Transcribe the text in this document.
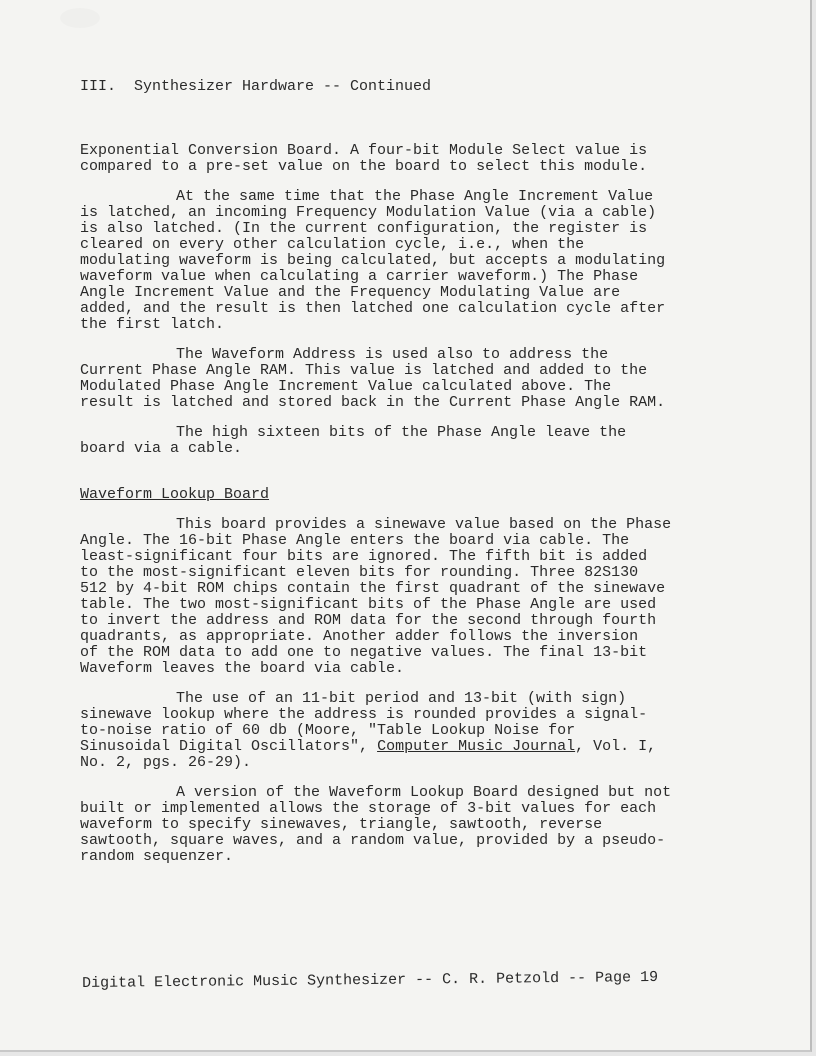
III.  Synthesizer Hardware -- Continued

Exponential Conversion Board. A four-bit Module Select value is
compared to a pre-set value on the board to select this module.

At the same time that the Phase Angle Increment Value
is latched, an incoming Frequency Modulation Value (via a cable)
is also latched. (In the current configuration, the register is
cleared on every other calculation cycle, i.e., when the
modulating waveform is being calculated, but accepts a modulating
waveform value when calculating a carrier waveform.) The Phase
Angle Increment Value and the Frequency Modulating Value are
added, and the result is then latched one calculation cycle after
the first latch.

The Waveform Address is used also to address the
Current Phase Angle RAM. This value is latched and added to the
Modulated Phase Angle Increment Value calculated above. The
result is latched and stored back in the Current Phase Angle RAM.

The high sixteen bits of the Phase Angle leave the
board via a cable.

Waveform Lookup Board

This board provides a sinewave value based on the Phase
Angle. The 16-bit Phase Angle enters the board via cable. The
least-significant four bits are ignored. The fifth bit is added
to the most-significant eleven bits for rounding. Three 82S130
512 by 4-bit ROM chips contain the first quadrant of the sinewave
table. The two most-significant bits of the Phase Angle are used
to invert the address and ROM data for the second through fourth
quadrants, as appropriate. Another adder follows the inversion
of the ROM data to add one to negative values. The final 13-bit
Waveform leaves the board via cable.

The use of an 11-bit period and 13-bit (with sign)
sinewave lookup where the address is rounded provides a signal-
to-noise ratio of 60 db (Moore, "Table Lookup Noise for
Sinusoidal Digital Oscillators", Computer Music Journal, Vol. I,
No. 2, pgs. 26-29).

A version of the Waveform Lookup Board designed but not
built or implemented allows the storage of 3-bit values for each
waveform to specify sinewaves, triangle, sawtooth, reverse
sawtooth, square waves, and a random value, provided by a pseudo-
random sequenzer.

Digital Electronic Music Synthesizer -- C. R. Petzold -- Page 19
